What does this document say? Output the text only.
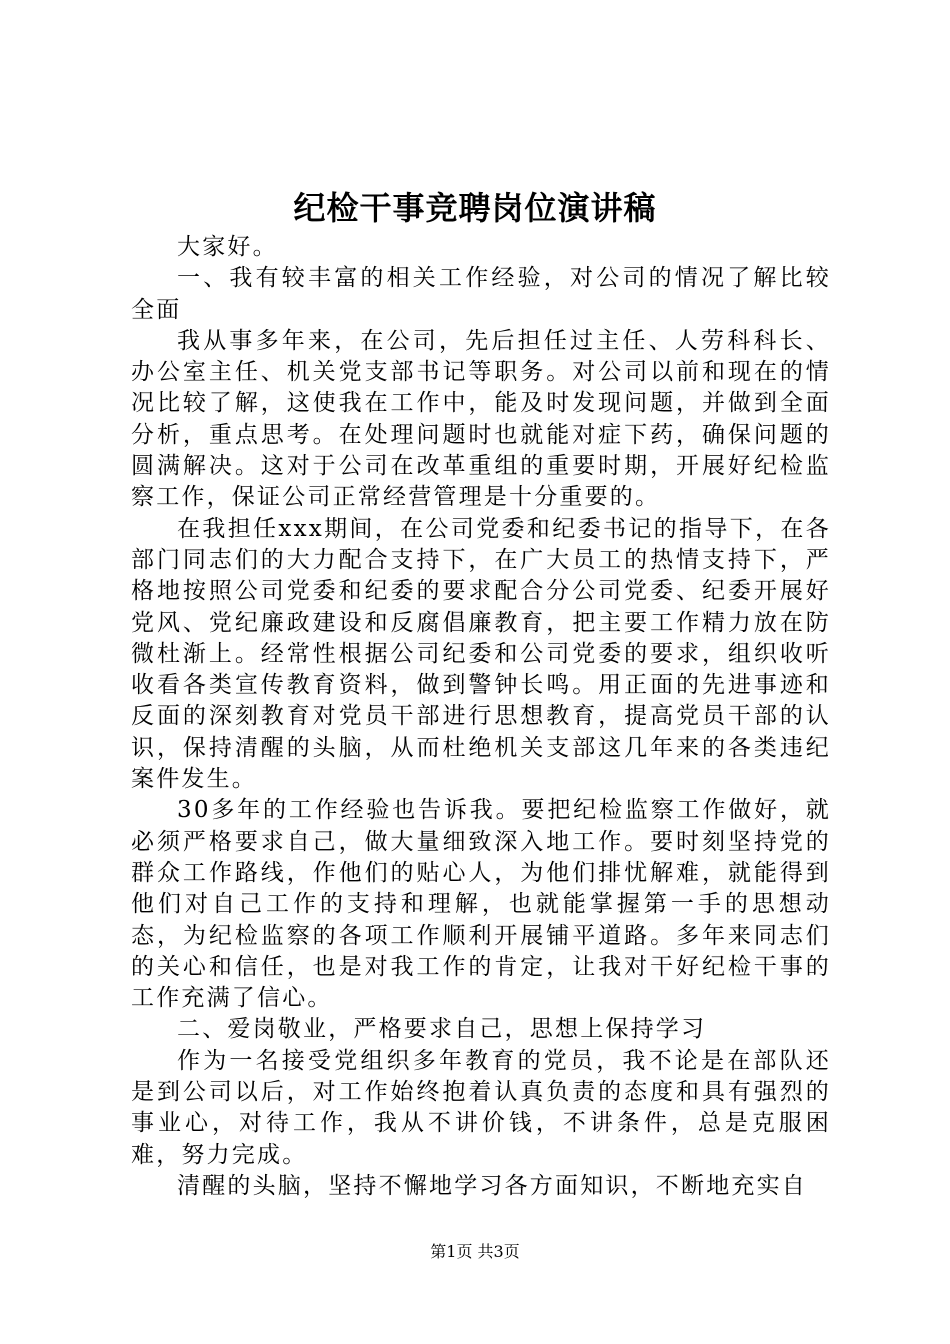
纪检干事竞聘岗位演讲稿

大家好。

一、我有较丰富的相关工作经验，对公司的情况了解比较全面

我从事多年来，在公司，先后担任过主任、人劳科科长、办公室主任、机关党支部书记等职务。对公司以前和现在的情况比较了解，这使我在工作中，能及时发现问题，并做到全面分析，重点思考。在处理问题时也就能对症下药，确保问题的圆满解决。这对于公司在改革重组的重要时期，开展好纪检监察工作，保证公司正常经营管理是十分重要的。

在我担任xxx期间，在公司党委和纪委书记的指导下，在各部门同志们的大力配合支持下，在广大员工的热情支持下，严格地按照公司党委和纪委的要求配合分公司党委、纪委开展好党风、党纪廉政建设和反腐倡廉教育，把主要工作精力放在防微杜渐上。经常性根据公司纪委和公司党委的要求，组织收听收看各类宣传教育资料，做到警钟长鸣。用正面的先进事迹和反面的深刻教育对党员干部进行思想教育，提高党员干部的认识，保持清醒的头脑，从而杜绝机关支部这几年来的各类违纪案件发生。

30多年的工作经验也告诉我。要把纪检监察工作做好，就必须严格要求自己，做大量细致深入地工作。要时刻坚持党的群众工作路线，作他们的贴心人，为他们排忧解难，就能得到他们对自己工作的支持和理解，也就能掌握第一手的思想动态，为纪检监察的各项工作顺利开展铺平道路。多年来同志们的关心和信任，也是对我工作的肯定，让我对干好纪检干事的工作充满了信心。

二、爱岗敬业，严格要求自己，思想上保持学习

作为一名接受党组织多年教育的党员，我不论是在部队还是到公司以后，对工作始终抱着认真负责的态度和具有强烈的事业心，对待工作，我从不讲价钱，不讲条件，总是克服困难，努力完成。

清醒的头脑，坚持不懈地学习各方面知识，不断地充实自

第1页 共3页
